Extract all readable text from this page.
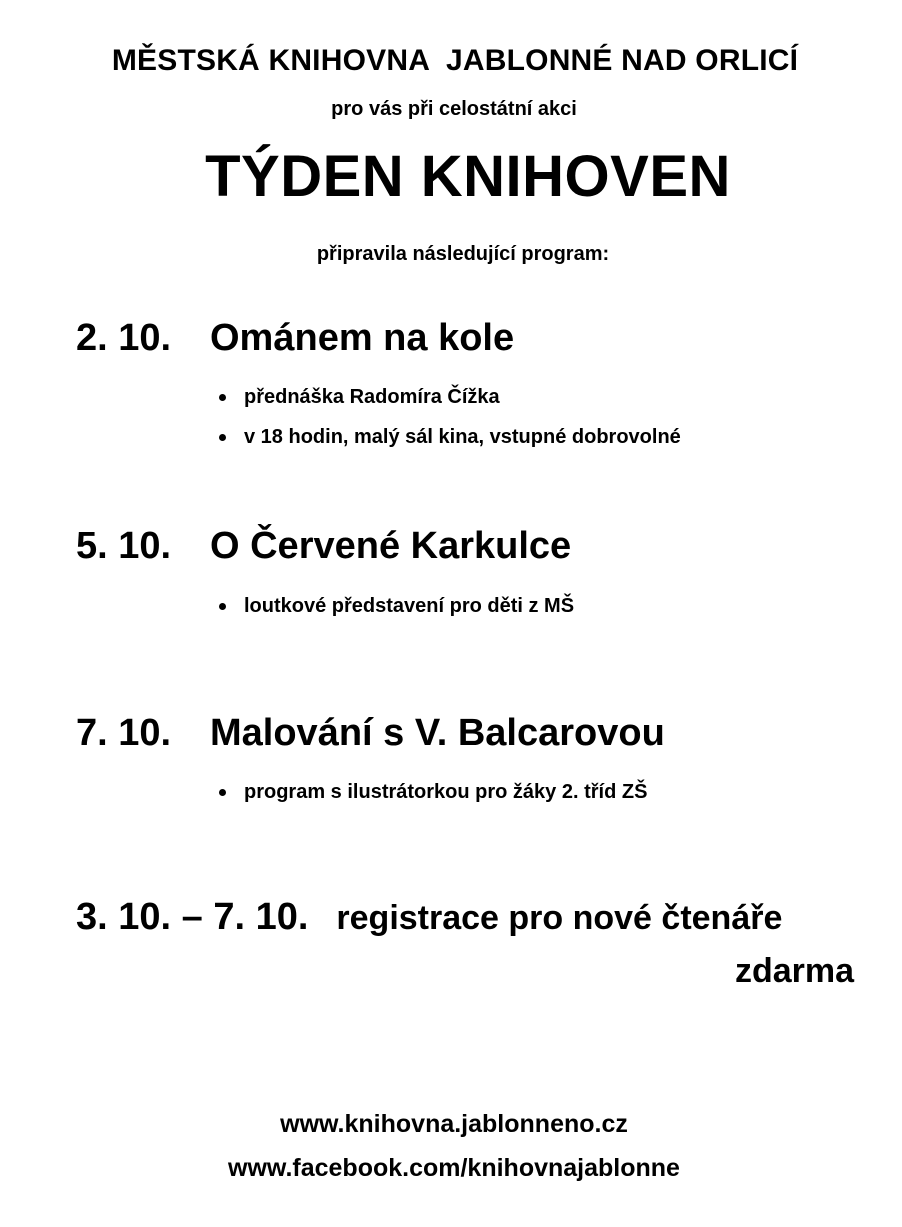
MĚSTSKÁ KNIHOVNA  JABLONNÉ NAD ORLICÍ
pro vás při celostátní akci
TÝDEN KNIHOVEN
připravila následující program:
2. 10. Ománem na kole
přednáška Radomíra Čížka
v 18 hodin, malý sál kina, vstupné dobrovolné
5. 10. O Červené Karkulce
loutkové představení pro děti z MŠ
7. 10. Malování s V. Balcarovou
program s ilustrátorkou pro žáky 2. tříd ZŠ
3. 10. – 7. 10. registrace pro nové čtenáře
zdarma
www.knihovna.jablonneno.cz
www.facebook.com/knihovnajablonne
